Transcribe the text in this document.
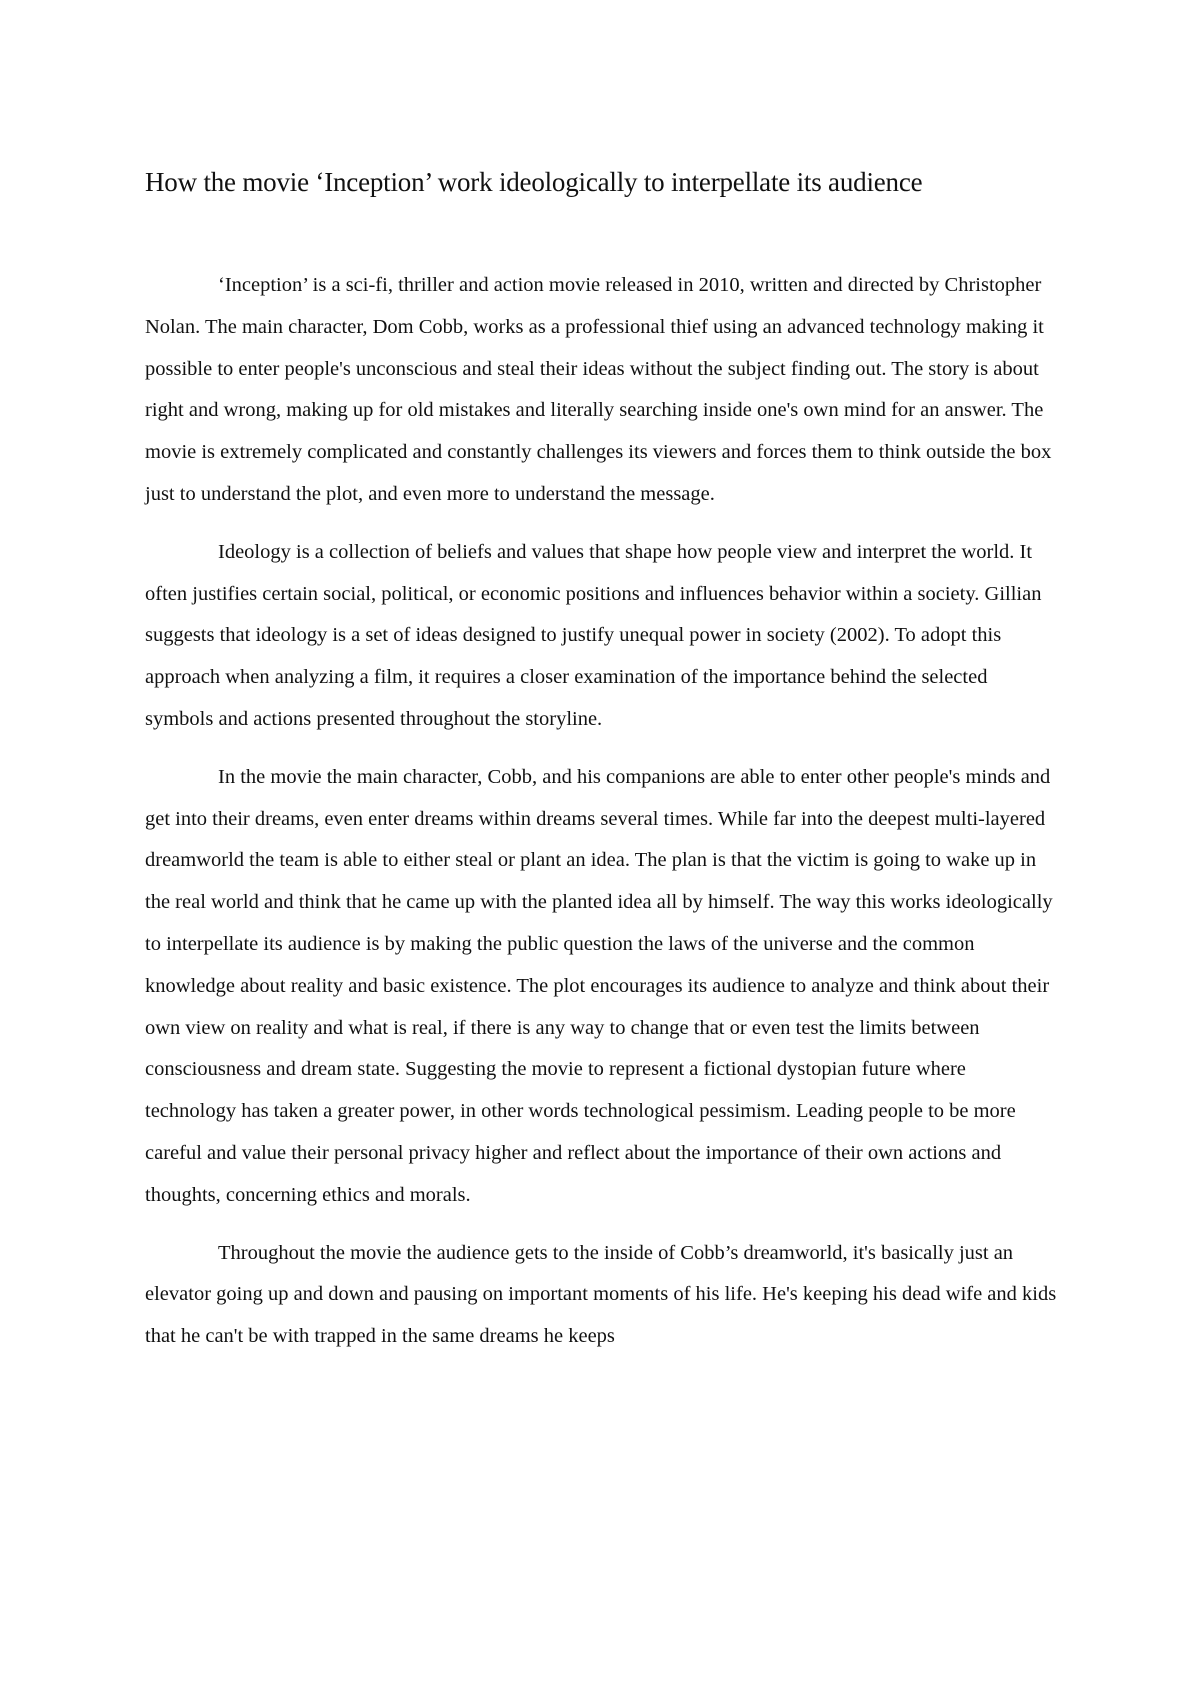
How the movie ‘Inception’ work ideologically to interpellate its audience

‘Inception’ is a sci-fi, thriller and action movie released in 2010, written and directed by Christopher Nolan. The main character, Dom Cobb, works as a professional thief using an advanced technology making it possible to enter people's unconscious and steal their ideas without the subject finding out. The story is about right and wrong, making up for old mistakes and literally searching inside one's own mind for an answer. The movie is extremely complicated and constantly challenges its viewers and forces them to think outside the box just to understand the plot, and even more to understand the message.

Ideology is a collection of beliefs and values that shape how people view and interpret the world. It often justifies certain social, political, or economic positions and influences behavior within a society. Gillian suggests that ideology is a set of ideas designed to justify unequal power in society (2002). To adopt this approach when analyzing a film, it requires a closer examination of the importance behind the selected symbols and actions presented throughout the storyline.

In the movie the main character, Cobb, and his companions are able to enter other people's minds and get into their dreams, even enter dreams within dreams several times. While far into the deepest multi-layered dreamworld the team is able to either steal or plant an idea. The plan is that the victim is going to wake up in the real world and think that he came up with the planted idea all by himself. The way this works ideologically to interpellate its audience is by making the public question the laws of the universe and the common knowledge about reality and basic existence. The plot encourages its audience to analyze and think about their own view on reality and what is real, if there is any way to change that or even test the limits between consciousness and dream state. Suggesting the movie to represent a fictional dystopian future where technology has taken a greater power, in other words technological pessimism. Leading people to be more careful and value their personal privacy higher and reflect about the importance of their own actions and thoughts, concerning ethics and morals.

Throughout the movie the audience gets to the inside of Cobb’s dreamworld, it's basically just an elevator going up and down and pausing on important moments of his life. He's keeping his dead wife and kids that he can't be with trapped in the same dreams he keeps
